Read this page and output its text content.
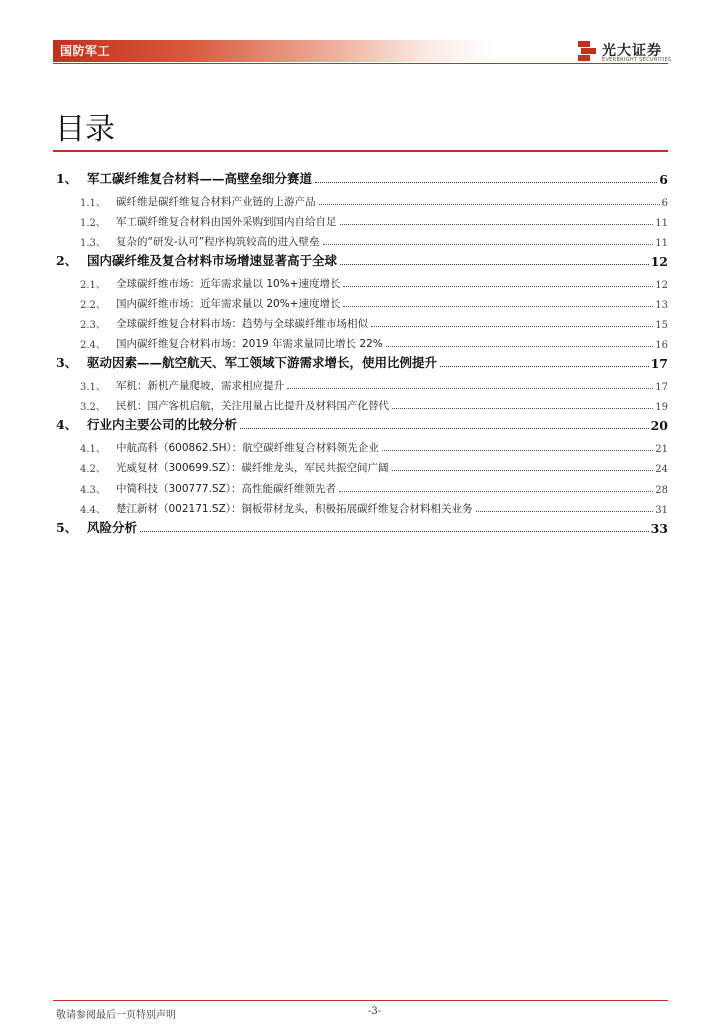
国防军工	光大证券
EVERBRIGHT SECURITIES
目录
1、 军工碳纤维复合材料——高壁垒细分赛道	6
1.1、 碳纤维是碳纤维复合材料产业链的上游产品	6
1.2、 军工碳纤维复合材料由国外采购到国内自给自足	11
1.3、 复杂的“研发-认可”程序构筑较高的进入壁垒	11
2、 国内碳纤维及复合材料市场增速显著高于全球	12
2.1、 全球碳纤维市场：近年需求量以 10%+速度增长	12
2.2、 国内碳纤维市场：近年需求量以 20%+速度增长	13
2.3、 全球碳纤维复合材料市场：趋势与全球碳纤维市场相似	15
2.4、 国内碳纤维复合材料市场：2019 年需求量同比增长 22%	16
3、 驱动因素——航空航天、军工领域下游需求增长，使用比例提升	17
3.1、 军机：新机产量爬坡，需求相应提升	17
3.2、 民机：国产客机启航，关注用量占比提升及材料国产化替代	19
4、 行业内主要公司的比较分析	20
4.1、 中航高科（600862.SH）：航空碳纤维复合材料领先企业	21
4.2、 光威复材（300699.SZ）：碳纤维龙头，军民共振空间广阔	24
4.3、 中简科技（300777.SZ）：高性能碳纤维领先者	28
4.4、 楚江新材（002171.SZ）：铜板带材龙头，积极拓展碳纤维复合材料相关业务	31
5、 风险分析	33
敬请参阅最后一页特别声明	-3-
